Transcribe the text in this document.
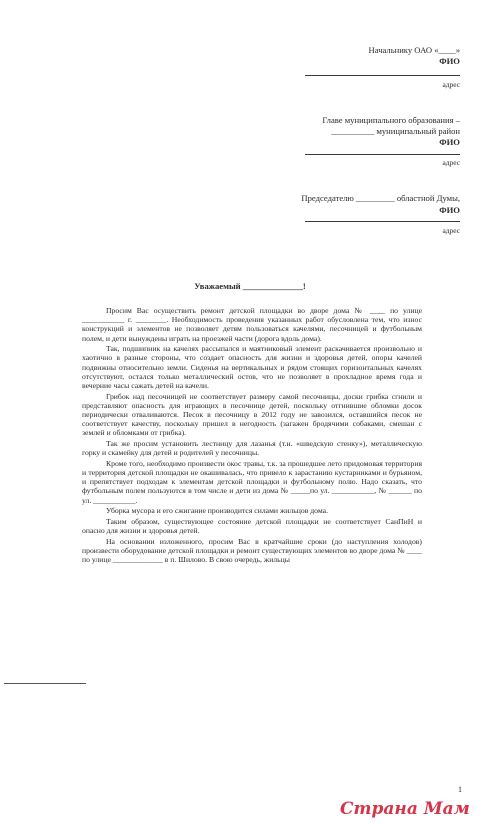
Начальнику ОАО «____»
ФИО
адрес
Главе муниципального образования –
__________ муниципальный район
ФИО
адрес
Председателю _________ областной Думы,
ФИО
адрес
Уважаемый ______________!

Просим Вас осуществить ремонт детской площадки во дворе дома № ____ по улице ___________ г. ________. Необходимость проведения указанных работ обусловлена тем, что износ конструкций и элементов не позволяет детям пользоваться качелями, песочницей и футбольным полем, и дети вынуждены играть на проезжей части (дорога вдоль дома).

Так, подшипник на качелях рассыпался и маятниковый элемент раскачивается произвольно и хаотично в разные стороны, что создает опасность для жизни и здоровья детей, опоры качелей подвижны относительно земли. Сиденья на вертикальных и рядом стоящих горизонтальных качелях отсутствуют, остался только металлический остов, что не позволяет в прохладное время года и вечерние часы сажать детей на качели.

Грибок над песочницей не соответствует размеру самой песочницы, доски грибка сгнили и представляют опасность для играющих в песочнице детей, поскольку отгнившие обломки досок периодически отваливаются. Песок в песочницу в 2012 году не завозился, оставшийся песок не соответствует качеству, поскольку пришел в негодность (загажен бродячими собаками, смешан с землей и обломками от грибка).

Так же просим установить лестницу для лазанья (т.н. «шведскую стенку»), металлическую горку и скамейку для детей и родителей у песочницы.

Кроме того, необходимо произвести окос травы, т.к. за прошедшее лето придомовая территория и территория детской площадки не окашивалась, что привело к зарастанию кустарниками и бурьяном, и препятствует подходам к элементам детской площадки и футбольному полю. Надо сказать, что футбольным полем пользуются в том числе и дети из дома № _____по ул. ___________, № ______ по ул. ___________.

Уборка мусора и его сжигание производится силами жильцов дома.

Таким образом, существующее состояние детской площадки не соответствует СанПиН и опасно для жизни и здоровья детей.

На основании изложенного, просим Вас в кратчайшие сроки (до наступления холодов) произвести оборудование детской площадки и ремонт существующих элементов во дворе дома № ____ по улице _____________ в п. Шилово. В свою очередь, жильцы

1
Страна Мам
